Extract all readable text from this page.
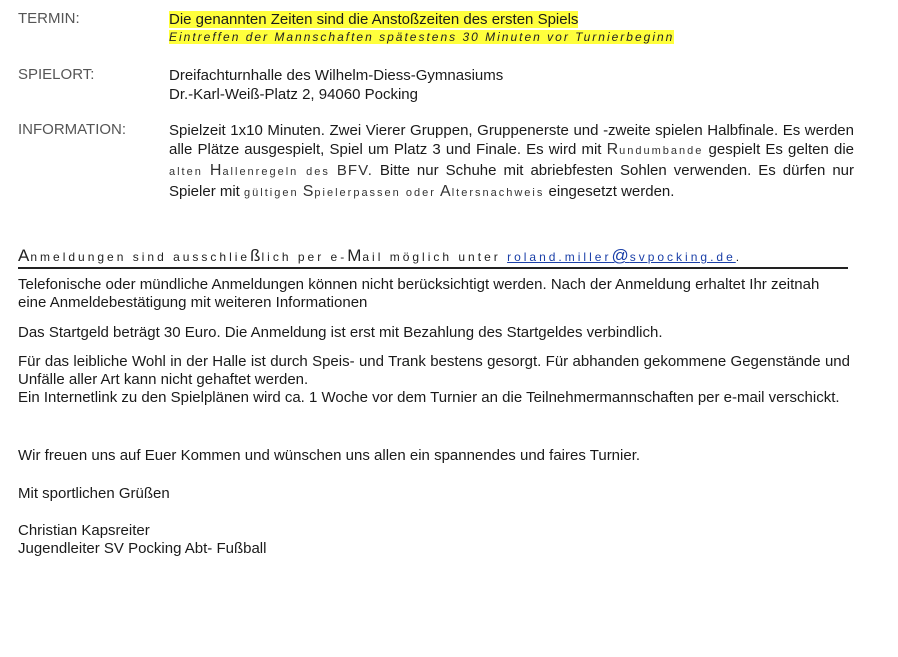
TERMIN:	Die genannten Zeiten sind die Anstoßzeiten des ersten Spiels
Eintreffen der Mannschaften spätestens 30 Minuten vor Turnierbeginn
SPIELORT:	Dreifachturnhalle des Wilhelm-Diess-Gymnasiums
Dr.-Karl-Weiß-Platz 2, 94060 Pocking
INFORMATION:	Spielzeit 1x10 Minuten. Zwei Vierer Gruppen, Gruppenerste und -zweite spielen Halbfinale. Es werden alle Plätze ausgespielt, Spiel um Platz 3 und Finale. Es wird mit Rundumbande gespielt Es gelten die alten Hallenregeln des BFV. Bitte nur Schuhe mit abriebfesten Sohlen verwenden. Es dürfen nur Spieler mit gültigen Spielerpassen oder Altersnachweis eingesetzt werden.
Anmeldungen sind ausschließlich per e-Mail möglich unter roland.miller@svpocking.de.
Telefonische oder mündliche Anmeldungen können nicht berücksichtigt werden. Nach der Anmeldung erhaltet Ihr zeitnah eine Anmeldebestätigung mit weiteren Informationen
Das Startgeld beträgt 30 Euro. Die Anmeldung ist erst mit Bezahlung des Startgeldes verbindlich.
Für das leibliche Wohl in der Halle ist durch Speis- und Trank bestens gesorgt. Für abhanden gekommene Gegenstände und Unfälle aller Art kann nicht gehaftet werden.
Ein Internetlink zu den Spielplänen wird ca. 1 Woche vor dem Turnier an die Teilnehmermannschaften per e-mail verschickt.
Wir freuen uns auf Euer Kommen und wünschen uns allen ein spannendes und faires Turnier.
Mit sportlichen Grüßen
Christian Kapsreiter
Jugendleiter SV Pocking Abt- Fußball
